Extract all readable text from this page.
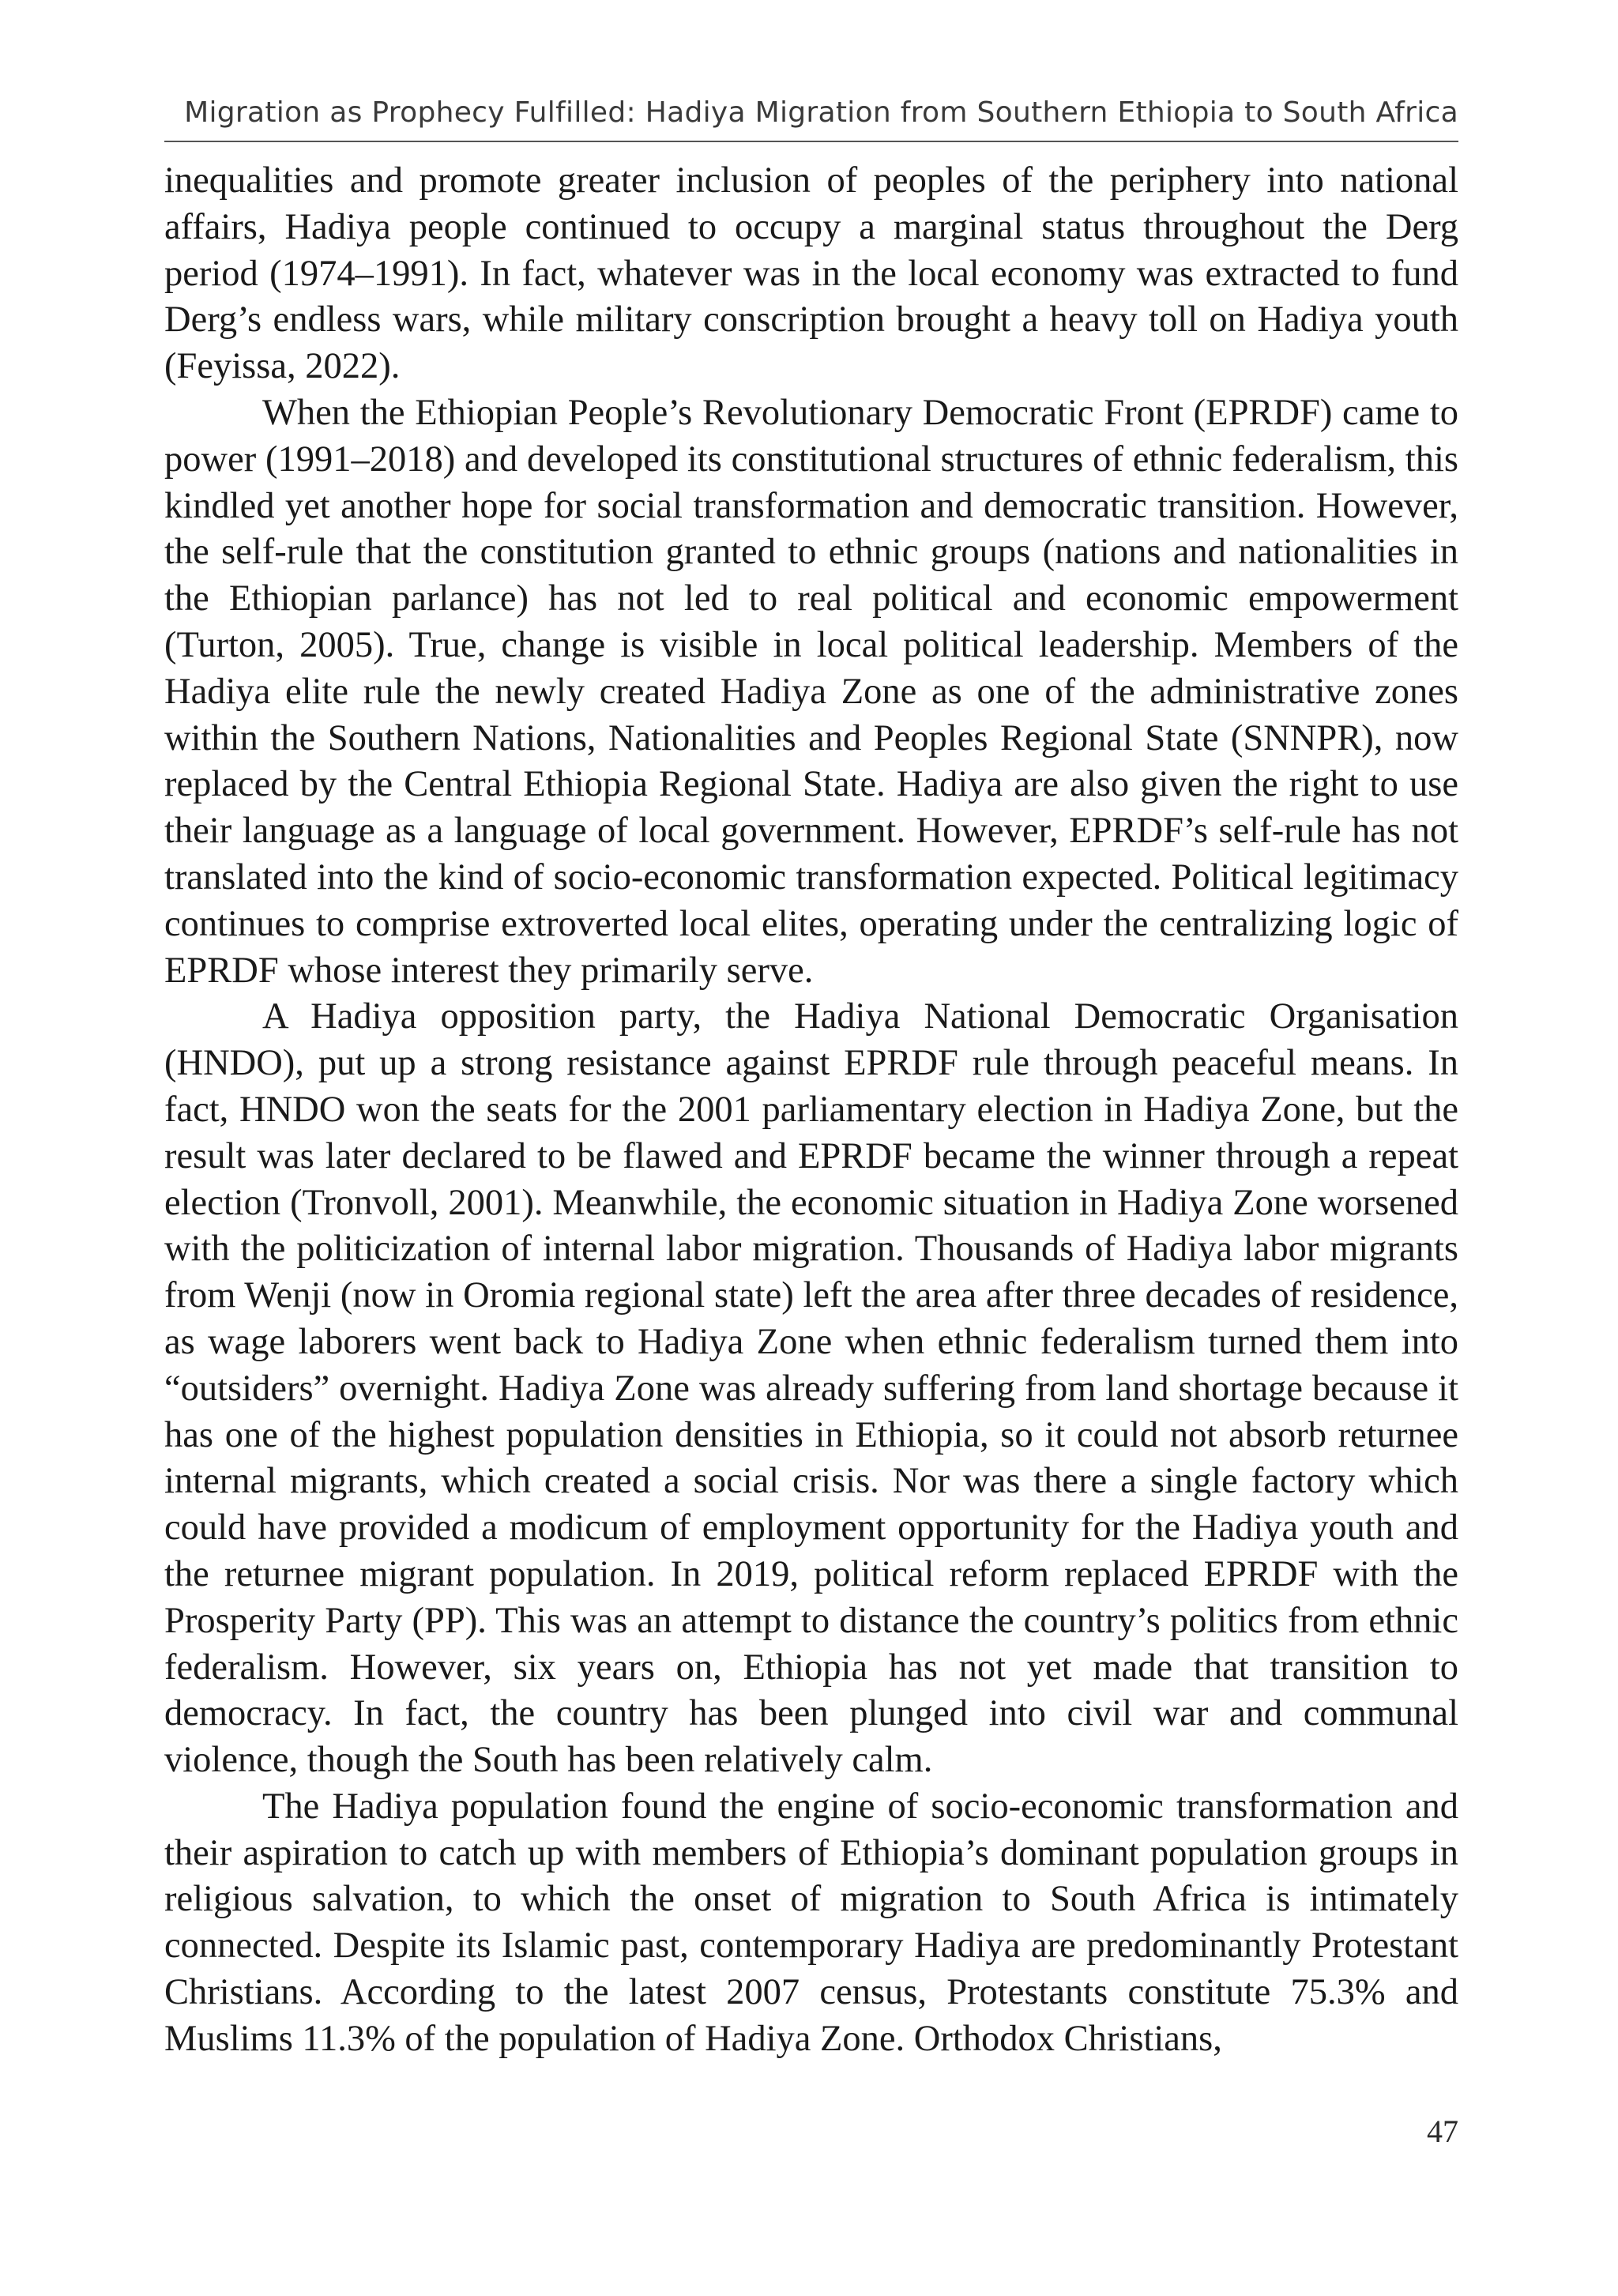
Migration as Prophecy Fulfilled: Hadiya Migration from Southern Ethiopia to South Africa

inequalities and promote greater inclusion of peoples of the periphery into national affairs, Hadiya people continued to occupy a marginal status throughout the Derg period (1974–1991). In fact, whatever was in the local economy was extracted to fund Derg’s endless wars, while military conscription brought a heavy toll on Hadiya youth (Feyissa, 2022).

When the Ethiopian People’s Revolutionary Democratic Front (EPRDF) came to power (1991–2018) and developed its constitutional structures of ethnic federalism, this kindled yet another hope for social transformation and democratic transition. However, the self-rule that the constitution granted to ethnic groups (nations and nationalities in the Ethiopian parlance) has not led to real political and economic empowerment (Turton, 2005). True, change is visible in local political leadership. Members of the Hadiya elite rule the newly created Hadiya Zone as one of the administrative zones within the Southern Nations, Nationalities and Peoples Regional State (SNNPR), now replaced by the Central Ethiopia Regional State. Hadiya are also given the right to use their language as a language of local government. However, EPRDF’s self-rule has not translated into the kind of socio-economic transformation expected. Political legitimacy continues to comprise extroverted local elites, operating under the centralizing logic of EPRDF whose interest they primarily serve.

A Hadiya opposition party, the Hadiya National Democratic Organisation (HNDO), put up a strong resistance against EPRDF rule through peaceful means. In fact, HNDO won the seats for the 2001 parliamentary election in Hadiya Zone, but the result was later declared to be flawed and EPRDF became the winner through a repeat election (Tronvoll, 2001). Meanwhile, the economic situation in Hadiya Zone worsened with the politicization of internal labor migration. Thousands of Hadiya labor migrants from Wenji (now in Oromia regional state) left the area after three decades of residence, as wage laborers went back to Hadiya Zone when ethnic federalism turned them into “outsiders” overnight. Hadiya Zone was already suffering from land shortage because it has one of the highest population densities in Ethiopia, so it could not absorb returnee internal migrants, which created a social crisis. Nor was there a single factory which could have provided a modicum of employment opportunity for the Hadiya youth and the returnee migrant population. In 2019, political reform replaced EPRDF with the Prosperity Party (PP). This was an attempt to distance the country’s politics from ethnic federalism. However, six years on, Ethiopia has not yet made that transition to democracy. In fact, the country has been plunged into civil war and communal violence, though the South has been relatively calm.

The Hadiya population found the engine of socio-economic transformation and their aspiration to catch up with members of Ethiopia’s dominant population groups in religious salvation, to which the onset of migration to South Africa is intimately connected. Despite its Islamic past, contemporary Hadiya are predominantly Protestant Christians. According to the latest 2007 census, Protestants constitute 75.3% and Muslims 11.3% of the population of Hadiya Zone. Orthodox Christians,

47
